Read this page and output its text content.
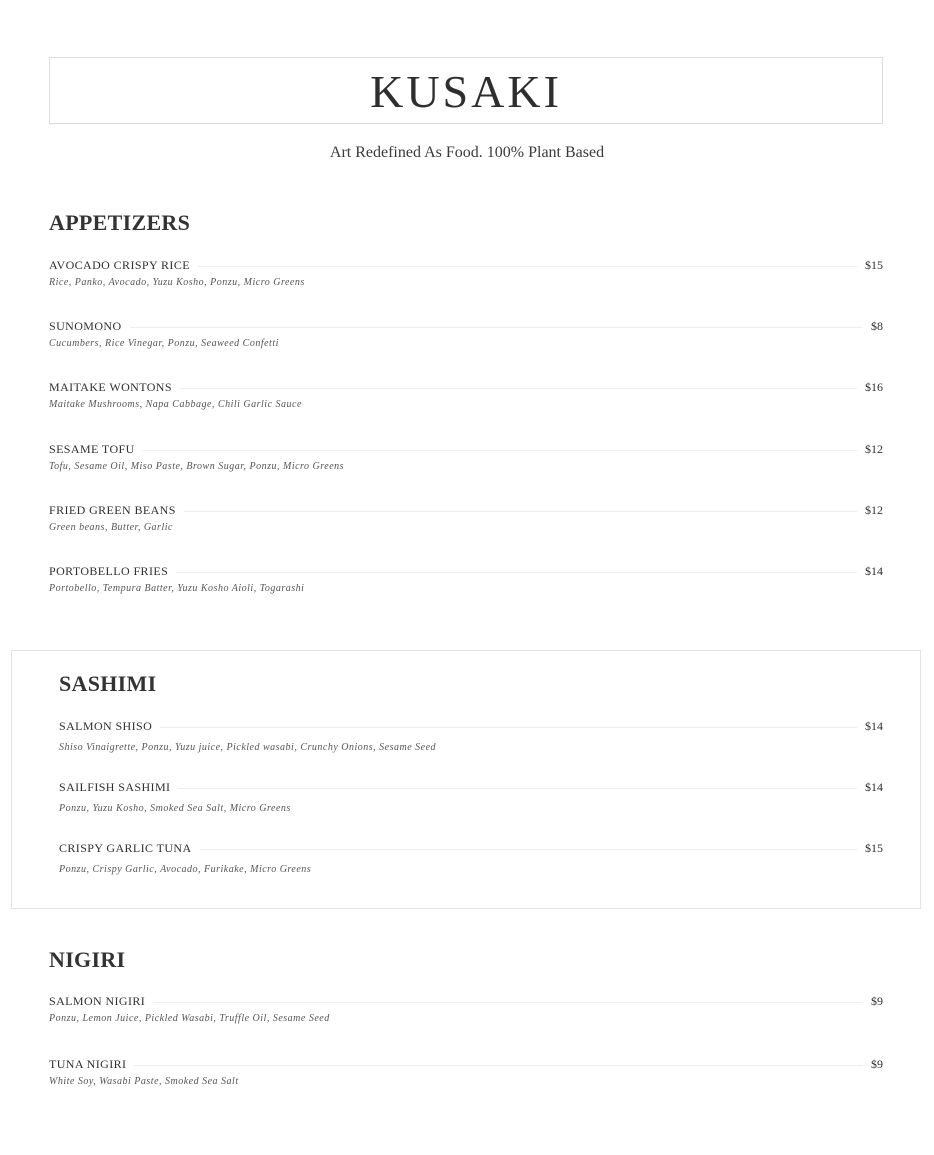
KUSAKI
Art Redefined As Food. 100% Plant Based
APPETIZERS
AVOCADO CRISPY RICE	$15
Rice, Panko, Avocado, Yuzu Kosho, Ponzu, Micro Greens
SUNOMONO	$8
Cucumbers, Rice Vinegar, Ponzu, Seaweed Confetti
MAITAKE WONTONS	$16
Maitake Mushrooms, Napa Cabbage, Chili Garlic Sauce
SESAME TOFU	$12
Tofu, Sesame Oil, Miso Paste, Brown Sugar, Ponzu, Micro Greens
FRIED GREEN BEANS	$12
Green beans, Butter, Garlic
PORTOBELLO FRIES	$14
Portobello, Tempura Batter, Yuzu Kosho Aioli, Togarashi
SASHIMI
SALMON SHISO	$14
Shiso Vinaigrette, Ponzu, Yuzu juice, Pickled wasabi, Crunchy Onions, Sesame Seed
SAILFISH SASHIMI	$14
Ponzu, Yuzu Kosho, Smoked Sea Salt, Micro Greens
CRISPY GARLIC TUNA	$15
Ponzu, Crispy Garlic, Avocado, Furikake, Micro Greens
NIGIRI
SALMON NIGIRI	$9
Ponzu, Lemon Juice, Pickled Wasabi, Truffle Oil, Sesame Seed
TUNA NIGIRI	$9
White Soy, Wasabi Paste, Smoked Sea Salt
